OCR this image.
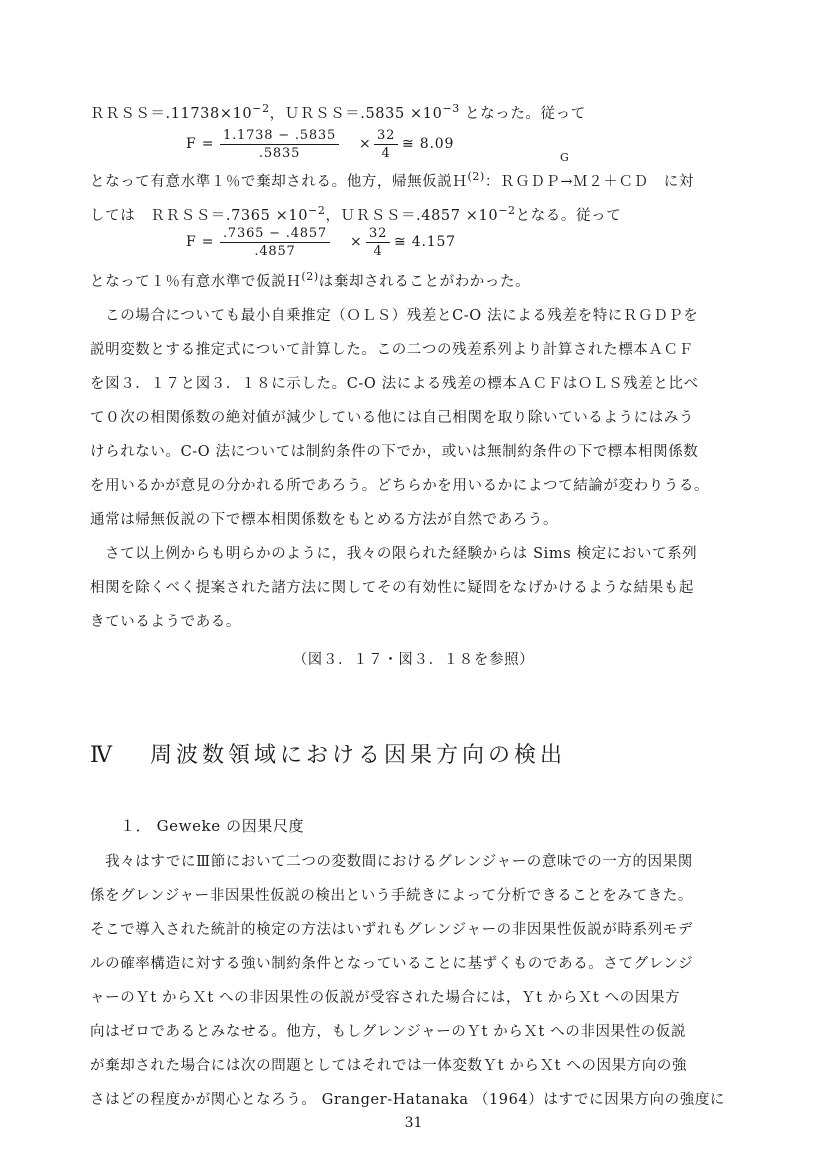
$RRSS=.11738\times 10^{-2}$，ＵＲＳＳ＝.5835 $\times 10^{-3}$ となった。従って
$F = \frac{1.1738 - .5835}{.5835} \times \frac{32}{4}$ ≅ 8.09
となって有意水準１％で棄却される。他方，帰無仮説Ｈ$^{(2)}$：ＲＧＤＰ→Ｍ２＋ＣＤ　に対
G
しては　ＲＲＳＳ＝.7365 $\times 10^{-2}$，ＵＲＳＳ＝.4857 $\times 10^{-2}$となる。従って
$F = \frac{.7365 - .4857}{.4857} \times \frac{32}{4}$ ≅ 4.157
となって１％有意水準で仮説Ｈ$^{(2)}$は棄却されることがわかった。
　この場合についても最小自乗推定（ＯＬＳ）残差とC-O 法による残差を特にＲＧＤＰを
説明変数とする推定式について計算した。この二つの残差系列より計算された標本ＡＣＦ
を図３．１７と図３．１８に示した。C-O 法による残差の標本ＡＣＦはＯＬＳ残差と比べ
て０次の相関係数の絶対値が減少している他には自己相関を取り除いているようにはみう
けられない。C-O 法については制約条件の下でか，或いは無制約条件の下で標本相関係数
を用いるかが意見の分かれる所であろう。どちらかを用いるかによつて結論が変わりうる。
通常は帰無仮説の下で標本相関係数をもとめる方法が自然であろう。
　さて以上例からも明らかのように，我々の限られた経験からは Sims 検定において系列
相関を除くべく提案された諸方法に関してその有効性に疑問をなげかけるような結果も起
きているようである。
（図３．１７・図３．１８を参照）
Ⅳ 周波数領域における因果方向の検出
１． Geweke の因果尺度
　我々はすでにⅢ節において二つの変数間におけるグレンジャーの意味での一方的因果関
係をグレンジャー非因果性仮説の検出という手続きによって分析できることをみてきた。
そこで導入された統計的検定の方法はいずれもグレンジャーの非因果性仮説が時系列モデ
ルの確率構造に対する強い制約条件となっていることに基ずくものである。さてグレンジ
ャーのＹt からＸt への非因果性の仮説が受容された場合には，Ｙt からＸt への因果方
向はゼロであるとみなせる。他方，もしグレンジャーのＹt からＸt への非因果性の仮説
が棄却された場合には次の問題としてはそれでは一体変数Ｙt からＸt への因果方向の強
さはどの程度かが関心となろう。 Granger-Hatanaka （1964）はすでに因果方向の強度に
31
